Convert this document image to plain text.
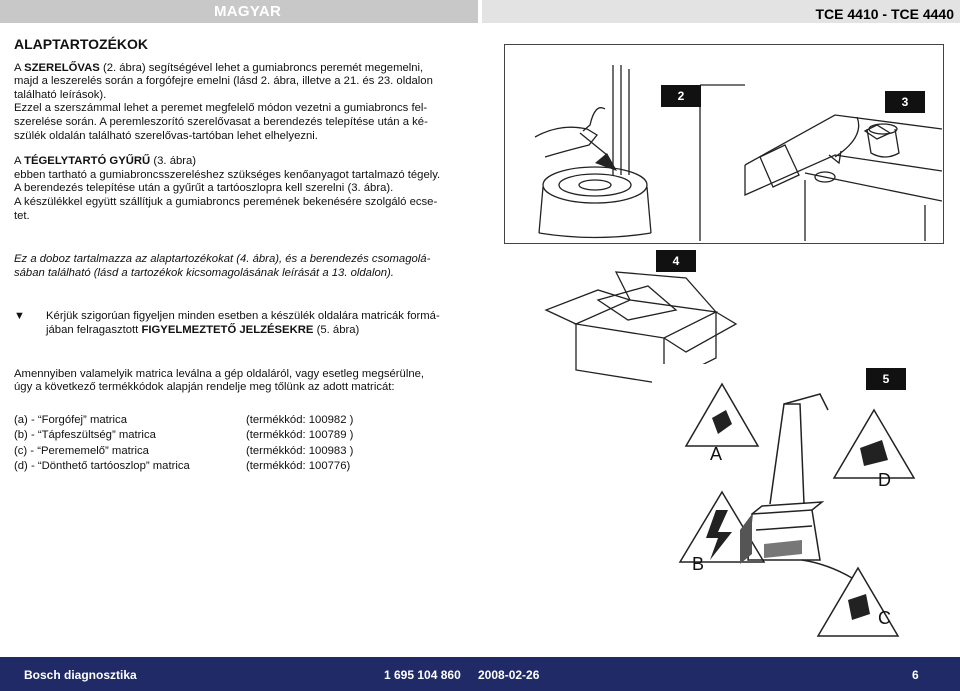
MAGYAR	TCE 4410 - TCE 4440
ALAPTARTOZÉKOK

A SZERELŐVAS (2. ábra) segítségével lehet a gumiabroncs peremét megemelni,

majd a leszerelés során a forgófejre emelni (lásd 2. ábra, illetve a 21. és 23. oldalon

található leírások).

Ezzel a szerszámmal lehet a peremet megfelelő módon vezetni a gumiabroncs fel-

szerelése során. A peremleszorító szerelővasat a berendezés telepítése után a ké-

szülék oldalán található szerelővas-tartóban lehet elhelyezni.

A TÉGELYTARTÓ GYŰRŰ (3. ábra)

ebben tartható a gumiabroncsszereléshez szükséges kenőanyagot tartalmazó tégely.

A berendezés telepítése után a gyűrűt a tartóoszlopra kell szerelni (3. ábra).

A készülékkel együtt szállítjuk a gumiabroncs peremének bekenésére szolgáló ecse-

tet.

Ez a doboz tartalmazza az alaptartozékokat (4. ábra), és a berendezés csomagolá-

sában található (lásd a tartozékok kicsomagolásának leírását a 13. oldalon).

▼ Kérjük szigorúan figyeljen minden esetben a készülék oldalára matricák formá-

jában felragasztott FIGYELMEZTETŐ JELZÉSEKRE (5. ábra)

Amennyiben valamelyik matrica leválna a gép oldaláról, vagy esetleg megsérülne,

úgy a következő termékkódok alapján rendelje meg tőlünk az adott matricát:

(a) - “Forgófej” matrica	(termékkód: 100982 )
(b) - “Tápfeszültség” matrica	(termékkód: 100789 )
(c) - “Perememelő” matrica	(termékkód: 100983 )
(d) - “Dönthető tartóoszlop” matrica	(termékkód: 100776)
2	3
4
A
D
B
C
5
Bosch diagnosztika	1 695 104 860 2008-02-26	6
